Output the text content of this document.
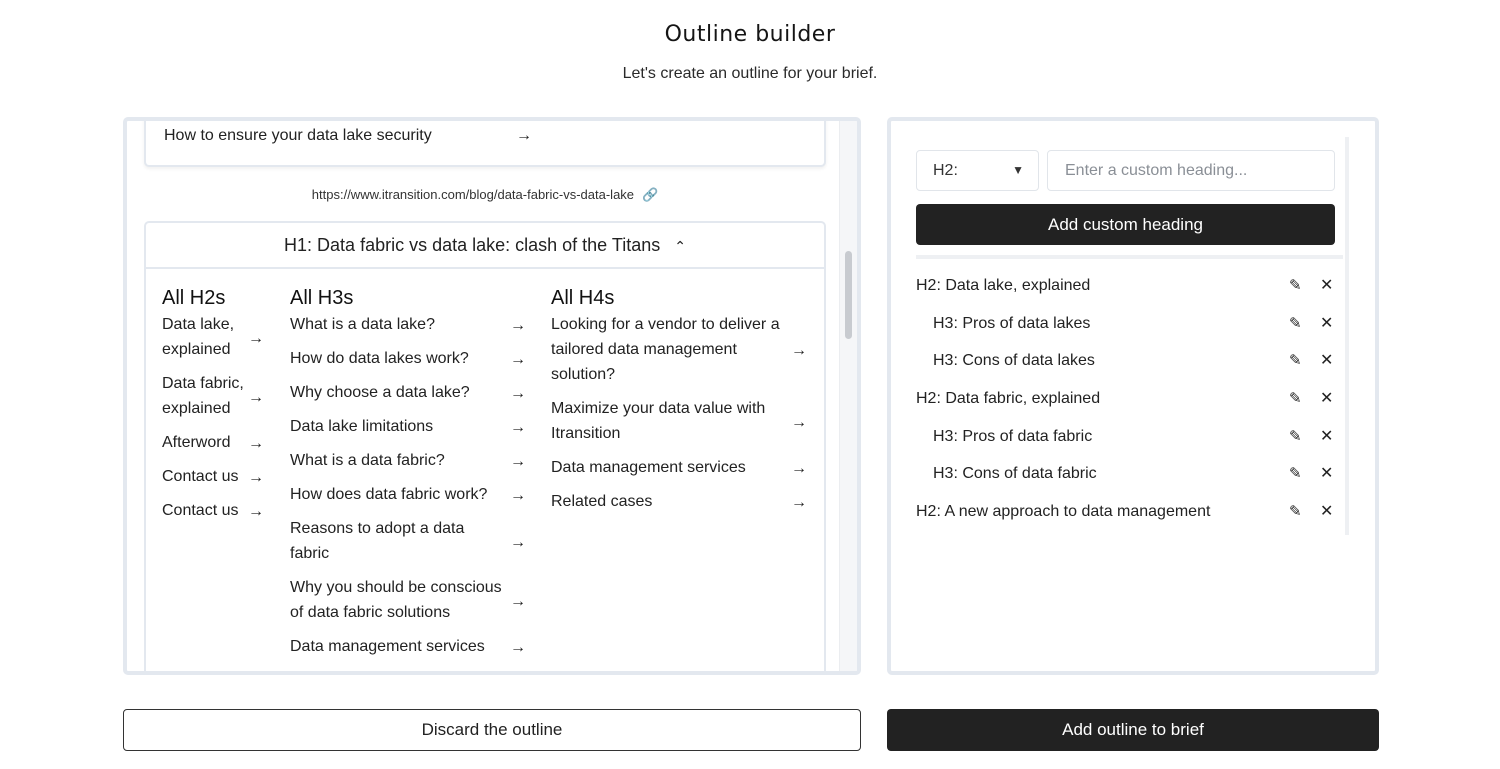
Outline builder
Let's create an outline for your brief.
How to ensure your data lake security	→
https://www.itransition.com/blog/data-fabric-vs-data-lake 🔗
H1: Data fabric vs data lake: clash of the Titans ⌃
All H2s
Data lake, explained
→
Data fabric, explained
→
Afterword	→
Contact us →
Contact us →
All H3s
What is a data lake?	→
How do data lakes work?	→
Why choose a data lake?	→
Data lake limitations	→
What is a data fabric?	→
How does data fabric work?	→
Reasons to adopt a data fabric
→
Why you should be conscious of data fabric solutions
→
Data management services	→
All H4s
Looking for a vendor to deliver a tailored data management solution?
→
Maximize your data value with Itransition
→
Data management services	→
Related cases	→
H2:	▼
Enter a custom heading...
Add custom heading
H2: Data lake, explained	✎ ✕
H3: Pros of data lakes	✎ ✕
H3: Cons of data lakes	✎ ✕
H2: Data fabric, explained	✎ ✕
H3: Pros of data fabric	✎ ✕
H3: Cons of data fabric	✎ ✕
H2: A new approach to data management	✎ ✕
Discard the outline	Add outline to brief
